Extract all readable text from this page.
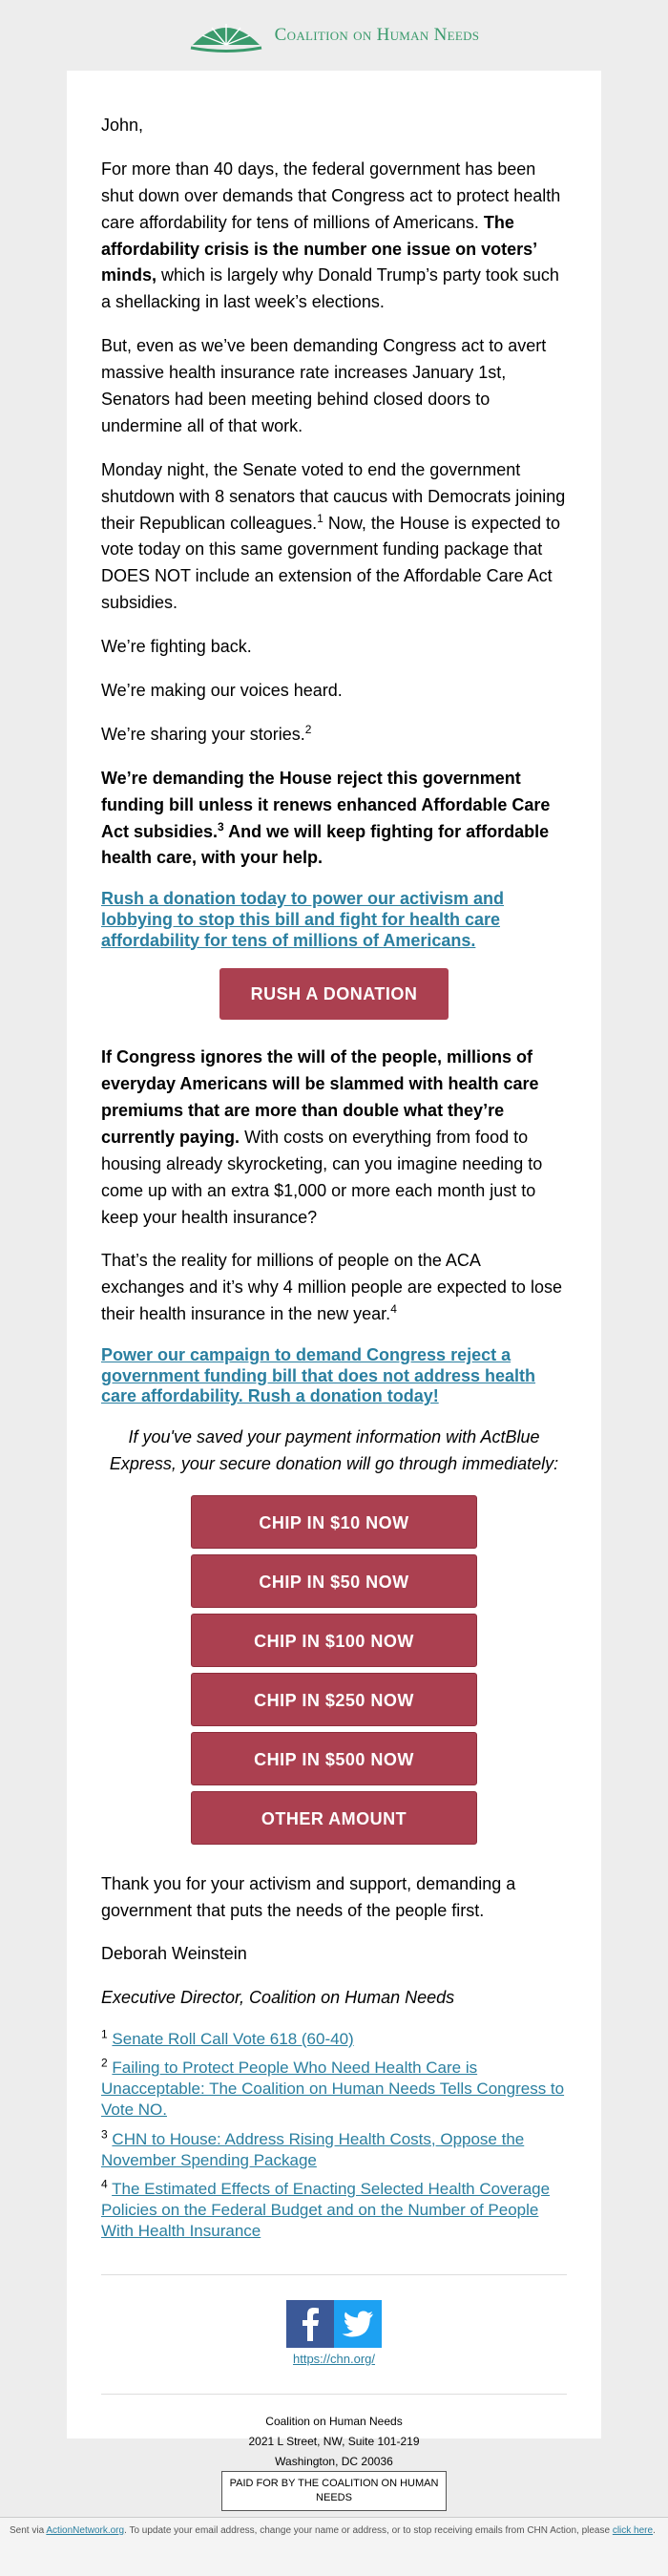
Coalition on Human Needs

John,

For more than 40 days, the federal government has been shut down over demands that Congress act to protect health care affordability for tens of millions of Americans. The affordability crisis is the number one issue on voters’ minds, which is largely why Donald Trump’s party took such a shellacking in last week’s elections.

But, even as we’ve been demanding Congress act to avert massive health insurance rate increases January 1st, Senators had been meeting behind closed doors to undermine all of that work.

Monday night, the Senate voted to end the government shutdown with 8 senators that caucus with Democrats joining their Republican colleagues.$^1$ Now, the House is expected to vote today on this same government funding package that DOES NOT include an extension of the Affordable Care Act subsidies.

We’re fighting back.

We’re making our voices heard.

We’re sharing your stories.$^2$

We’re demanding the House reject this government funding bill unless it renews enhanced Affordable Care Act subsidies.$^3$ And we will keep fighting for affordable health care, with your help.

Rush a donation today to power our activism and lobbying to stop this bill and fight for health care affordability for tens of millions of Americans.
RUSH A DONATION

If Congress ignores the will of the people, millions of everyday Americans will be slammed with health care premiums that are more than double what they’re currently paying. With costs on everything from food to housing already skyrocketing, can you imagine needing to come up with an extra $1,000 or more each month just to keep your health insurance?

That’s the reality for millions of people on the ACA exchanges and it’s why 4 million people are expected to lose their health insurance in the new year.$^4$

Power our campaign to demand Congress reject a government funding bill that does not address health care affordability. Rush a donation today!

If you've saved your payment information with ActBlue Express, your secure donation will go through immediately:

CHIP IN $10 NOW
CHIP IN $50 NOW
CHIP IN $100 NOW
CHIP IN $250 NOW
CHIP IN $500 NOW
OTHER AMOUNT

Thank you for your activism and support, demanding a government that puts the needs of the people first.

Deborah Weinstein

Executive Director, Coalition on Human Needs

$^1$ Senate Roll Call Vote 618 (60-40)
$^2$ Failing to Protect People Who Need Health Care is Unacceptable: The Coalition on Human Needs Tells Congress to Vote NO.
$^3$ CHN to House: Address Rising Health Costs, Oppose the November Spending Package
$^4$ The Estimated Effects of Enacting Selected Health Coverage Policies on the Federal Budget and on the Number of People With Health Insurance
https://chn.org/
Coalition on Human Needs
2021 L Street, NW, Suite 101-219
Washington, DC 20036
PAID FOR BY THE COALITION ON HUMAN NEEDS
Sent via ActionNetwork.org. To update your email address, change your name or address, or to stop receiving emails from CHN Action, please click here.
